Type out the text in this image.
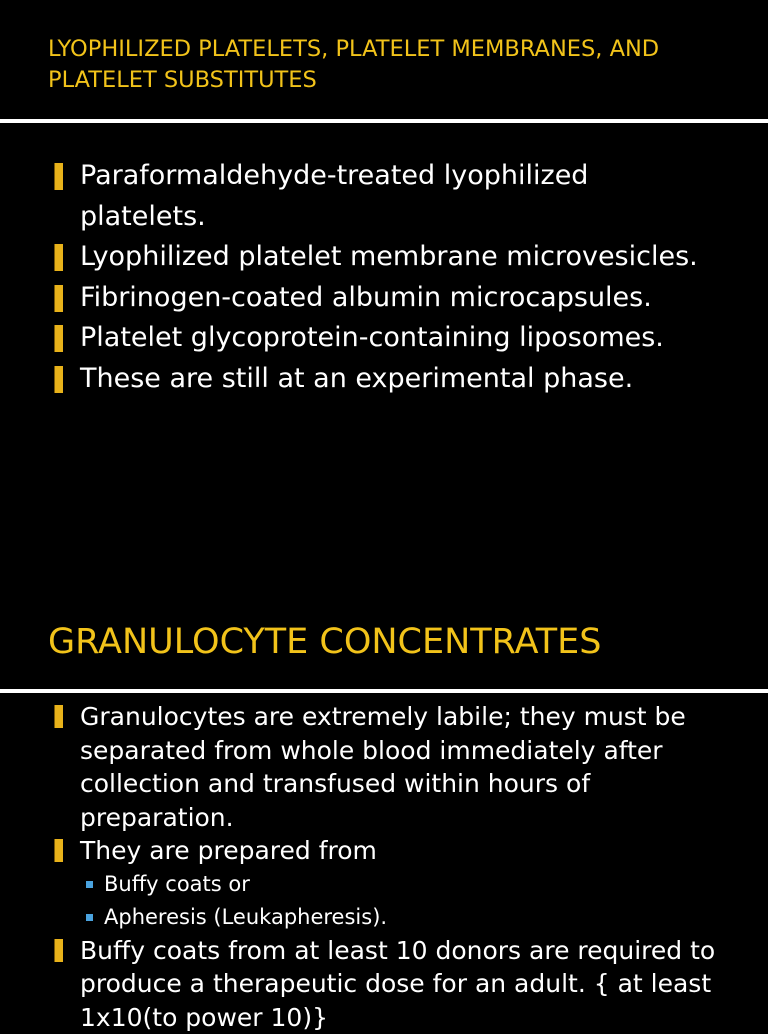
LYOPHILIZED PLATELETS, PLATELET MEMBRANES, AND PLATELET SUBSTITUTES
Paraformaldehyde-treated lyophilized platelets.
Lyophilized platelet membrane microvesicles.
Fibrinogen-coated albumin microcapsules.
Platelet glycoprotein-containing liposomes.
These are still at an experimental phase.
GRANULOCYTE CONCENTRATES
Granulocytes are extremely labile; they must be separated from whole blood immediately after collection and transfused within hours of preparation.
They are prepared from
Buffy coats or
Apheresis (Leukapheresis).
Buffy coats from at least 10 donors are required to produce a therapeutic dose for an adult. { at least 1x10(to power 10)}
